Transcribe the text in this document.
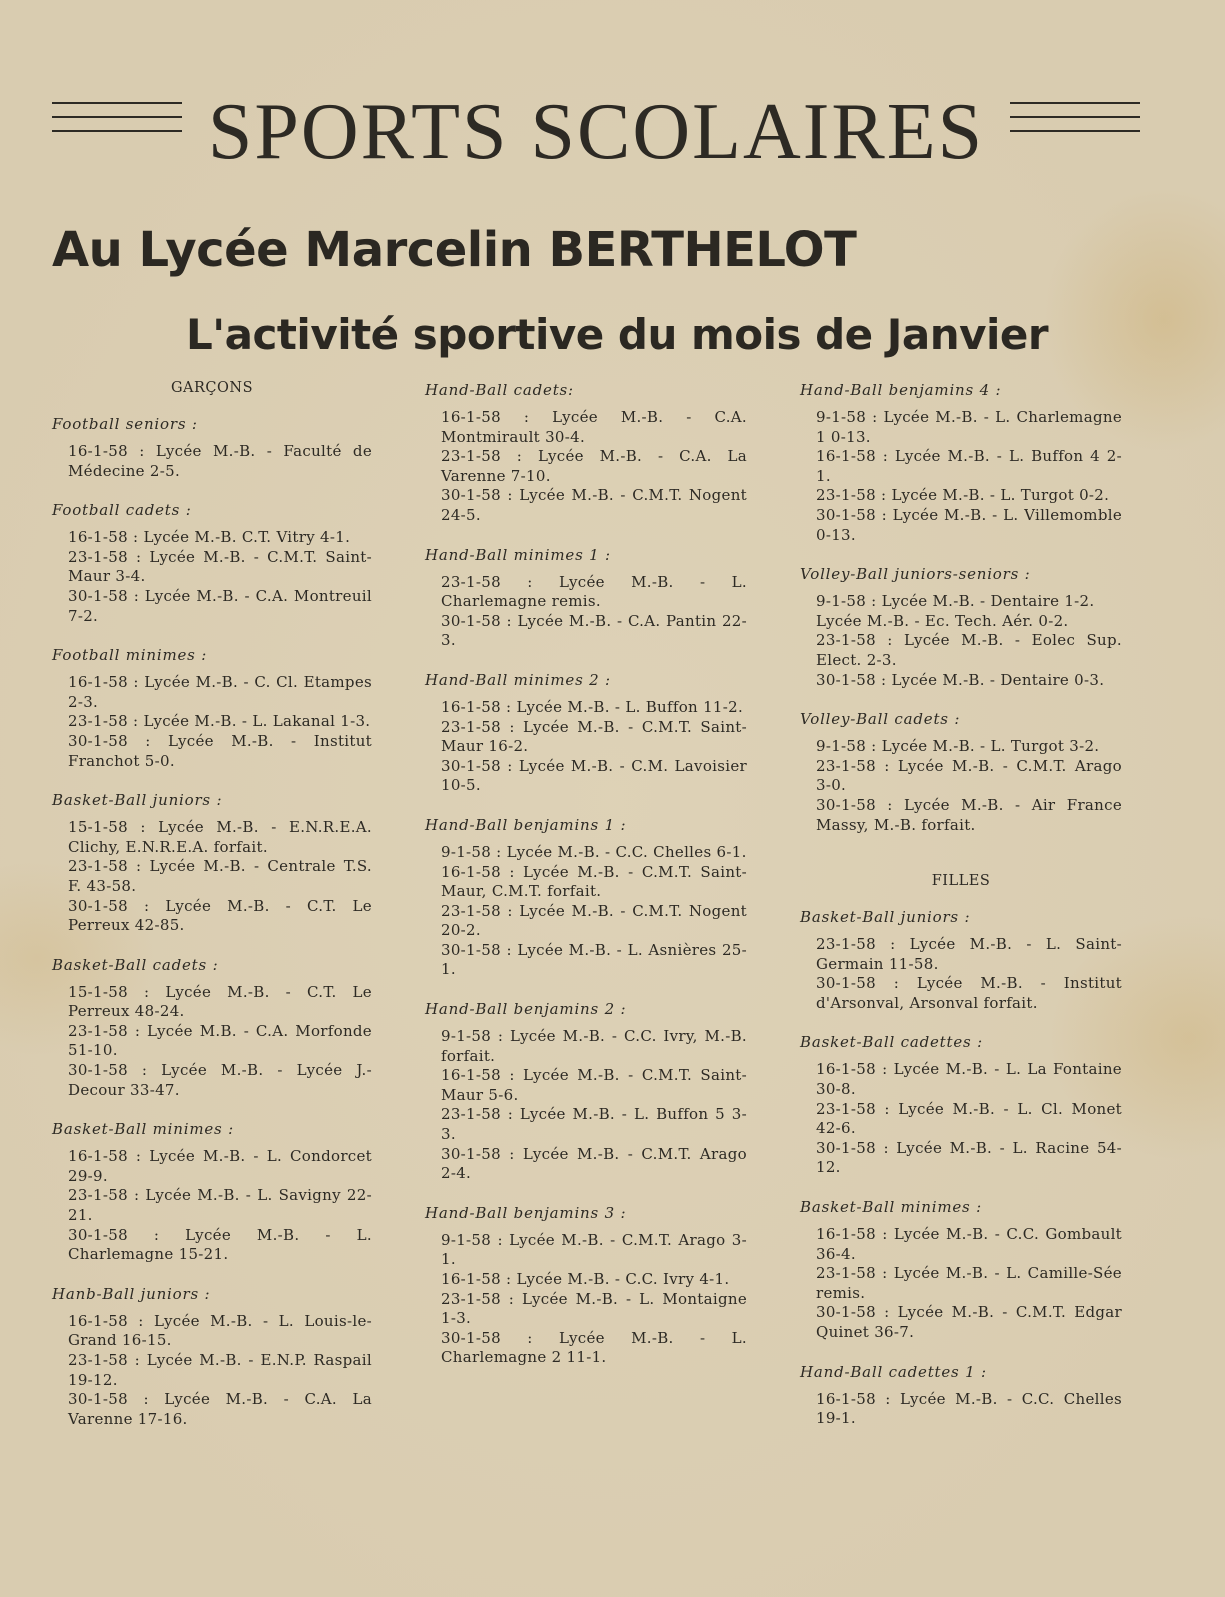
SPORTS SCOLAIRES
Au Lycée Marcelin BERTHELOT
L'activité sportive du mois de Janvier
GARÇONS
Football seniors :
16-1-58 : Lycée M.-B. - Faculté de Médecine 2-5.
Football cadets :
16-1-58 : Lycée M.-B. C.T. Vitry 4-1.
23-1-58 : Lycée M.-B. - C.M.T. Saint-Maur 3-4.
30-1-58 : Lycée M.-B. - C.A. Montreuil 7-2.
Football minimes :
16-1-58 : Lycée M.-B. - C. Cl. Etampes 2-3.
23-1-58 : Lycée M.-B. - L. Lakanal 1-3.
30-1-58 : Lycée M.-B. - Institut Franchot 5-0.
Basket-Ball juniors :
15-1-58 : Lycée M.-B. - E.N.R.E.A. Clichy, E.N.R.E.A. forfait.
23-1-58 : Lycée M.-B. - Centrale T.S. F. 43-58.
30-1-58 : Lycée M.-B. - C.T. Le Perreux 42-85.
Basket-Ball cadets :
15-1-58 : Lycée M.-B. - C.T. Le Perreux 48-24.
23-1-58 : Lycée M.B. - C.A. Morfonde 51-10.
30-1-58 : Lycée M.-B. - Lycée J.-Decour 33-47.
Basket-Ball minimes :
16-1-58 : Lycée M.-B. - L. Condorcet 29-9.
23-1-58 : Lycée M.-B. - L. Savigny 22-21.
30-1-58 : Lycée M.-B. - L. Charlemagne 15-21.
Hanb-Ball juniors :
16-1-58 : Lycée M.-B. - L. Louis-le-Grand 16-15.
23-1-58 : Lycée M.-B. - E.N.P. Raspail 19-12.
30-1-58 : Lycée M.-B. - C.A. La Varenne 17-16.
Hand-Ball cadets:
16-1-58 : Lycée M.-B. - C.A. Montmirault 30-4.
23-1-58 : Lycée M.-B. - C.A. La Varenne 7-10.
30-1-58 : Lycée M.-B. - C.M.T. Nogent 24-5.
Hand-Ball minimes 1 :
23-1-58 : Lycée M.-B. - L. Charlemagne remis.
30-1-58 : Lycée M.-B. - C.A. Pantin 22-3.
Hand-Ball minimes 2 :
16-1-58 : Lycée M.-B. - L. Buffon 11-2.
23-1-58 : Lycée M.-B. - C.M.T. Saint-Maur 16-2.
30-1-58 : Lycée M.-B. - C.M. Lavoisier 10-5.
Hand-Ball benjamins 1 :
9-1-58 : Lycée M.-B. - C.C. Chelles 6-1.
16-1-58 : Lycée M.-B. - C.M.T. Saint-Maur, C.M.T. forfait.
23-1-58 : Lycée M.-B. - C.M.T. Nogent 20-2.
30-1-58 : Lycée M.-B. - L. Asnières 25-1.
Hand-Ball benjamins 2 :
9-1-58 : Lycée M.-B. - C.C. Ivry, M.-B. forfait.
16-1-58 : Lycée M.-B. - C.M.T. Saint-Maur 5-6.
23-1-58 : Lycée M.-B. - L. Buffon 5 3-3.
30-1-58 : Lycée M.-B. - C.M.T. Arago 2-4.
Hand-Ball benjamins 3 :
9-1-58 : Lycée M.-B. - C.M.T. Arago 3-1.
16-1-58 : Lycée M.-B. - C.C. Ivry 4-1.
23-1-58 : Lycée M.-B. - L. Montaigne 1-3.
30-1-58 : Lycée M.-B. - L. Charlemagne 2 11-1.
Hand-Ball benjamins 4 :
9-1-58 : Lycée M.-B. - L. Charlemagne 1 0-13.
16-1-58 : Lycée M.-B. - L. Buffon 4 2-1.
23-1-58 : Lycée M.-B. - L. Turgot 0-2.
30-1-58 : Lycée M.-B. - L. Villemomble 0-13.
Volley-Ball juniors-seniors :
9-1-58 : Lycée M.-B. - Dentaire 1-2.
Lycée M.-B. - Ec. Tech. Aér. 0-2.
23-1-58 : Lycée M.-B. - Eolec Sup. Elect. 2-3.
30-1-58 : Lycée M.-B. - Dentaire 0-3.
Volley-Ball cadets :
9-1-58 : Lycée M.-B. - L. Turgot 3-2.
23-1-58 : Lycée M.-B. - C.M.T. Arago 3-0.
30-1-58 : Lycée M.-B. - Air France Massy, M.-B. forfait.
FILLES
Basket-Ball juniors :
23-1-58 : Lycée M.-B. - L. Saint-Germain 11-58.
30-1-58 : Lycée M.-B. - Institut d'Arsonval, Arsonval forfait.
Basket-Ball cadettes :
16-1-58 : Lycée M.-B. - L. La Fontaine 30-8.
23-1-58 : Lycée M.-B. - L. Cl. Monet 42-6.
30-1-58 : Lycée M.-B. - L. Racine 54-12.
Basket-Ball minimes :
16-1-58 : Lycée M.-B. - C.C. Gombault 36-4.
23-1-58 : Lycée M.-B. - L. Camille-Sée remis.
30-1-58 : Lycée M.-B. - C.M.T. Edgar Quinet 36-7.
Hand-Ball cadettes 1 :
16-1-58 : Lycée M.-B. - C.C. Chelles 19-1.
